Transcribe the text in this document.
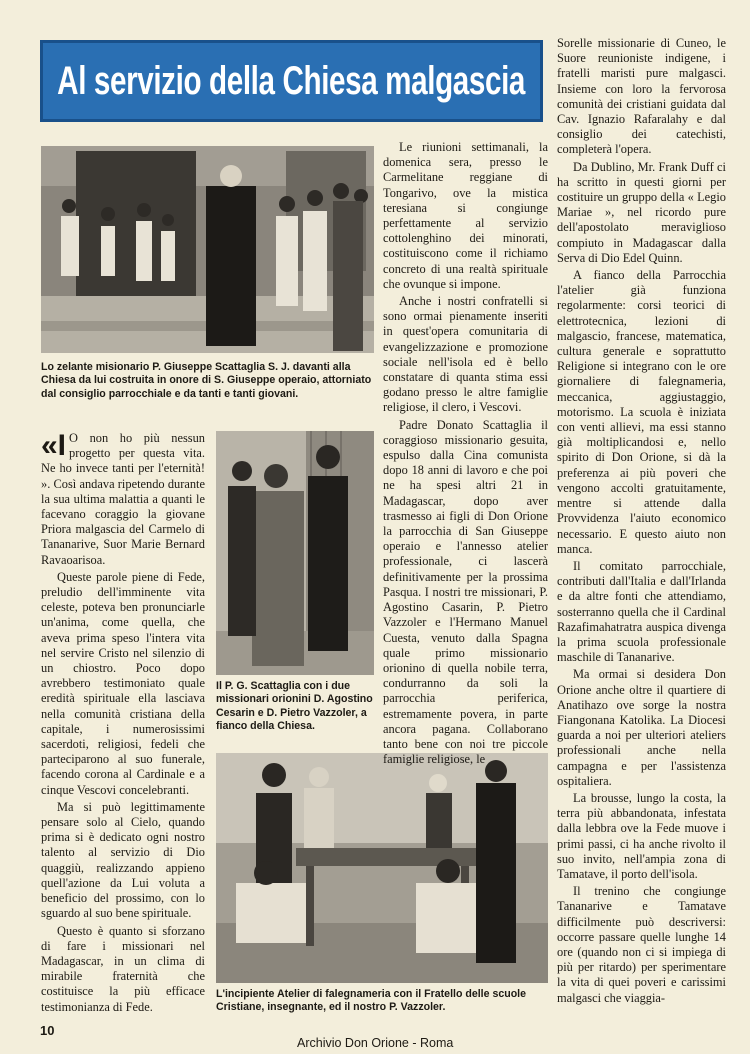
Al servizio della Chiesa malgascia

Lo zelante misionario P. Giuseppe Scattaglia S. J. davanti alla Chiesa da lui costruita in onore di S. Giuseppe operaio, attorniato dal consiglio parrocchiale e da tanti e tanti giovani.

Il P. G. Scattaglia con i due missionari orionini D. Agostino Cesarin e D. Pietro Vazzoler, a fianco della Chiesa.

L'incipiente Atelier di falegnameria con il Fratello delle scuole Cristiane, insegnante, ed il nostro P. Vazzoler.

«I O non ho più nessun progetto per questa vita. Ne ho invece tanti per l'eternità! ». Così andava ripetendo durante la sua ultima malattia a quanti le facevano coraggio la giovane Priora malgascia del Carmelo di Tananarive, Suor Marie Bernard Ravaoarisoa.

Queste parole piene di Fede, preludio dell'imminente vita celeste, poteva ben pronunciarle un'anima, come quella, che aveva prima speso l'intera vita nel servire Cristo nel silenzio di un chiostro. Poco dopo avrebbero testimoniato quale eredità spirituale ella lasciava nella comunità cristiana della capitale, i numerosissimi sacerdoti, religiosi, fedeli che parteciparono al suo funerale, facendo corona al Cardinale e a cinque Vescovi concelebranti.

Ma si può legittimamente pensare solo al Cielo, quando prima si è dedicato ogni nostro talento al servizio di Dio quaggiù, realizzando appieno quell'azione da Lui voluta a beneficio del prossimo, con lo sguardo al suo bene spirituale.

Questo è quanto si sforzano di fare i missionari nel Madagascar, in un clima di mirabile fraternità che costituisce la più efficace testimonianza di Fede.

Le riunioni settimanali, la domenica sera, presso le Carmelitane reggiane di Tongarivo, ove la mistica teresiana si congiunge perfettamente al servizio cottolenghino dei minorati, costituiscono come il richiamo concreto di una realtà spirituale che ovunque si impone.

Anche i nostri confratelli si sono ormai pienamente inseriti in quest'opera comunitaria di evangelizzazione e promozione sociale nell'isola ed è bello constatare di quanta stima essi godano presso le altre famiglie religiose, il clero, i Vescovi.

Padre Donato Scattaglia il coraggioso missionario gesuita, espulso dalla Cina comunista dopo 18 anni di lavoro e che poi ne ha spesi altri 21 in Madagascar, dopo aver trasmesso ai figli di Don Orione la parrocchia di San Giuseppe operaio e l'annesso atelier professionale, ci lascerà definitivamente per la prossima Pasqua. I nostri tre missionari, P. Agostino Casarin, P. Pietro Vazzoler e l'Hermano Manuel Cuesta, venuto dalla Spagna quale primo missionario orionino di quella nobile terra, condurranno da soli la parrocchia periferica, estremamente povera, in parte ancora pagana. Collaborano tanto bene con noi tre piccole famiglie religiose, le

Sorelle missionarie di Cuneo, le Suore reunioniste indigene, i fratelli maristi pure malgasci. Insieme con loro la fervorosa comunità dei cristiani guidata dal Cav. Ignazio Rafaralahy e dal consiglio dei catechisti, completerà l'opera.

Da Dublino, Mr. Frank Duff ci ha scritto in questi giorni per costituire un gruppo della « Legio Mariae », nel ricordo pure dell'apostolato meraviglioso compiuto in Madagascar dalla Serva di Dio Edel Quinn.

A fianco della Parrocchia l'atelier già funziona regolarmente: corsi teorici di elettrotecnica, lezioni di malgascio, francese, matematica, cultura generale e soprattutto Religione si integrano con le ore giornaliere di falegnameria, meccanica, aggiustaggio, motorismo. La scuola è iniziata con venti allievi, ma essi stanno già moltiplicandosi e, nello spirito di Don Orione, si dà la preferenza ai più poveri che vengono accolti gratuitamente, mentre si attende dalla Provvidenza l'aiuto economico necessario. E questo aiuto non manca.

Il comitato parrocchiale, contributi dall'Italia e dall'Irlanda e da altre fonti che attendiamo, sosterranno quella che il Cardinal Razafimahatratra auspica divenga la prima scuola professionale maschile di Tananarive.

Ma ormai si desidera Don Orione anche oltre il quartiere di Anatihazo ove sorge la nostra Fiangonana Katolika. La Diocesi guarda a noi per ulteriori ateliers professionali anche nella campagna e per l'assistenza ospitaliera.

La brousse, lungo la costa, la terra più abbandonata, infestata dalla lebbra ove la Fede muove i primi passi, ci ha anche rivolto il suo invito, nell'ampia zona di Tamatave, il porto dell'isola.

Il trenino che congiunge Tananarive e Tamatave difficilmente può descriversi: occorre passare quelle lunghe 14 ore (quando non ci si impiega di più per ritardo) per sperimentare la vita di quei poveri e carissimi malgasci che viaggia-

10
Archivio Don Orione - Roma
